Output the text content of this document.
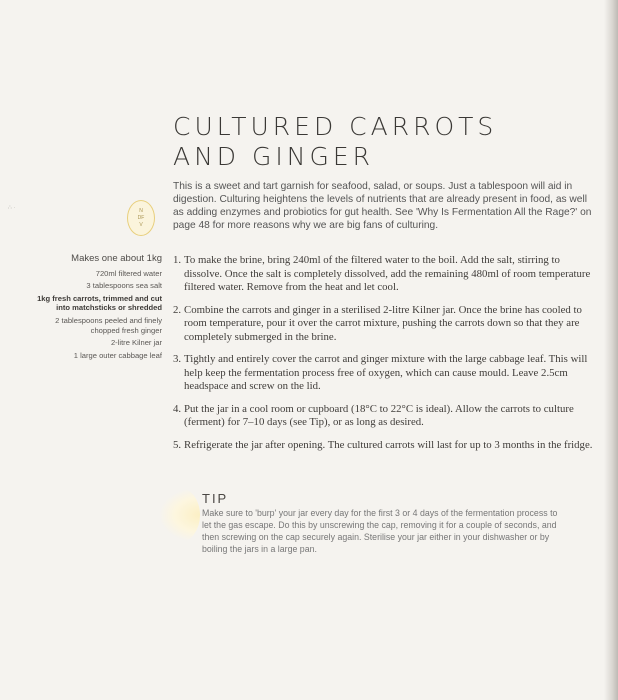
∴ ·
CULTURED CARROTS
AND GINGER
N
DF
V
This is a sweet and tart garnish for seafood, salad, or soups. Just a tablespoon will aid in digestion. Culturing heightens the levels of nutrients that are already present in food, as well as adding enzymes and probiotics for gut health. See 'Why Is Fermentation All the Rage?' on page 48 for more reasons why we are big fans of culturing.
Makes one about 1kg
720ml filtered water
3 tablespoons sea salt
1kg fresh carrots, trimmed and cut into matchsticks or shredded
2 tablespoons peeled and finely chopped fresh ginger
2-litre Kilner jar
1 large outer cabbage leaf
1. To make the brine, bring 240ml of the filtered water to the boil. Add the salt, stirring to dissolve. Once the salt is completely dissolved, add the remaining 480ml of room temperature filtered water. Remove from the heat and let cool.
2. Combine the carrots and ginger in a sterilised 2-litre Kilner jar. Once the brine has cooled to room temperature, pour it over the carrot mixture, pushing the carrots down so that they are completely submerged in the brine.
3. Tightly and entirely cover the carrot and ginger mixture with the large cabbage leaf. This will help keep the fermentation process free of oxygen, which can cause mould. Leave 2.5cm headspace and screw on the lid.
4. Put the jar in a cool room or cupboard (18°C to 22°C is ideal). Allow the carrots to culture (ferment) for 7–10 days (see Tip), or as long as desired.
5. Refrigerate the jar after opening. The cultured carrots will last for up to 3 months in the fridge.
TIP
Make sure to 'burp' your jar every day for the first 3 or 4 days of the fermentation process to let the gas escape. Do this by unscrewing the cap, removing it for a couple of seconds, and then screwing on the cap securely again. Sterilise your jar either in your dishwasher or by boiling the jars in a large pan.
